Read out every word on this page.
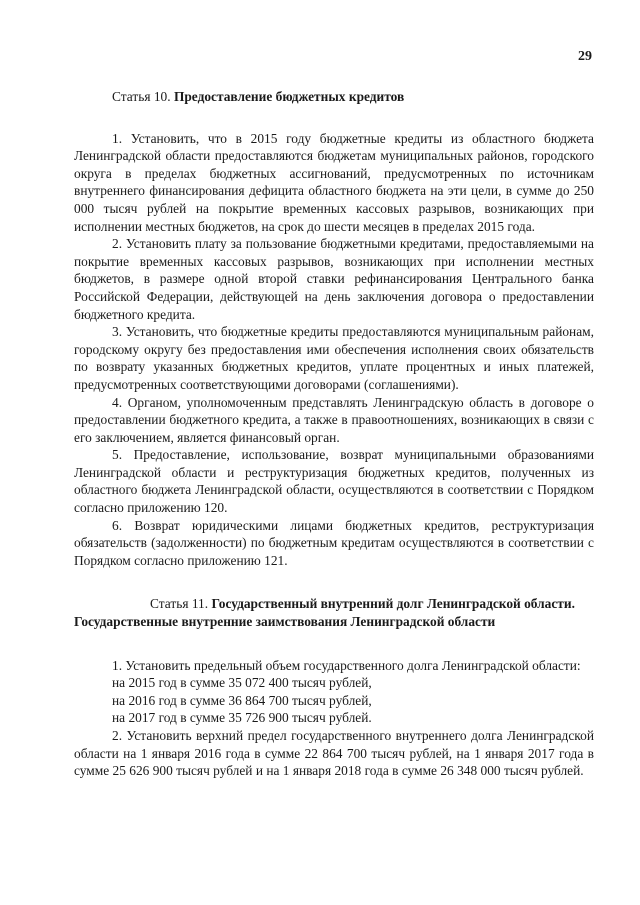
29
Статья 10. Предоставление бюджетных кредитов

1. Установить, что в 2015 году бюджетные кредиты из областного бюджета Ленинградской области предоставляются бюджетам муниципальных районов, городского округа в пределах бюджетных ассигнований, предусмотренных по источникам внутреннего финансирования дефицита областного бюджета на эти цели, в сумме до 250 000 тысяч рублей на покрытие временных кассовых разрывов, возникающих при исполнении местных бюджетов, на срок до шести месяцев в пределах 2015 года.

2. Установить плату за пользование бюджетными кредитами, предоставляемыми на покрытие временных кассовых разрывов, возникающих при исполнении местных бюджетов, в размере одной второй ставки рефинансирования Центрального банка Российской Федерации, действующей на день заключения договора о предоставлении бюджетного кредита.

3. Установить, что бюджетные кредиты предоставляются муниципальным районам, городскому округу без предоставления ими обеспечения исполнения своих обязательств по возврату указанных бюджетных кредитов, уплате процентных и иных платежей, предусмотренных соответствующими договорами (соглашениями).

4. Органом, уполномоченным представлять Ленинградскую область в договоре о предоставлении бюджетного кредита, а также в правоотношениях, возникающих в связи с его заключением, является финансовый орган.

5. Предоставление, использование, возврат муниципальными образованиями Ленинградской области и реструктуризация бюджетных кредитов, полученных из областного бюджета Ленинградской области, осуществляются в соответствии с Порядком согласно приложению 120.

6. Возврат юридическими лицами бюджетных кредитов, реструктуризация обязательств (задолженности) по бюджетным кредитам осуществляются в соответствии с Порядком согласно приложению 121.

Статья 11. Государственный внутренний долг Ленинградской области.
Государственные внутренние заимствования Ленинградской области

1. Установить предельный объем государственного долга Ленинградской области:

на 2015 год в сумме 35 072 400 тысяч рублей,

на 2016 год в сумме 36 864 700 тысяч рублей,

на 2017 год в сумме 35 726 900 тысяч рублей.

2. Установить верхний предел государственного внутреннего долга Ленинградской области на 1 января 2016 года в сумме 22 864 700 тысяч рублей, на 1 января 2017 года в сумме 25 626 900 тысяч рублей и на 1 января 2018 года в сумме 26 348 000 тысяч рублей.
